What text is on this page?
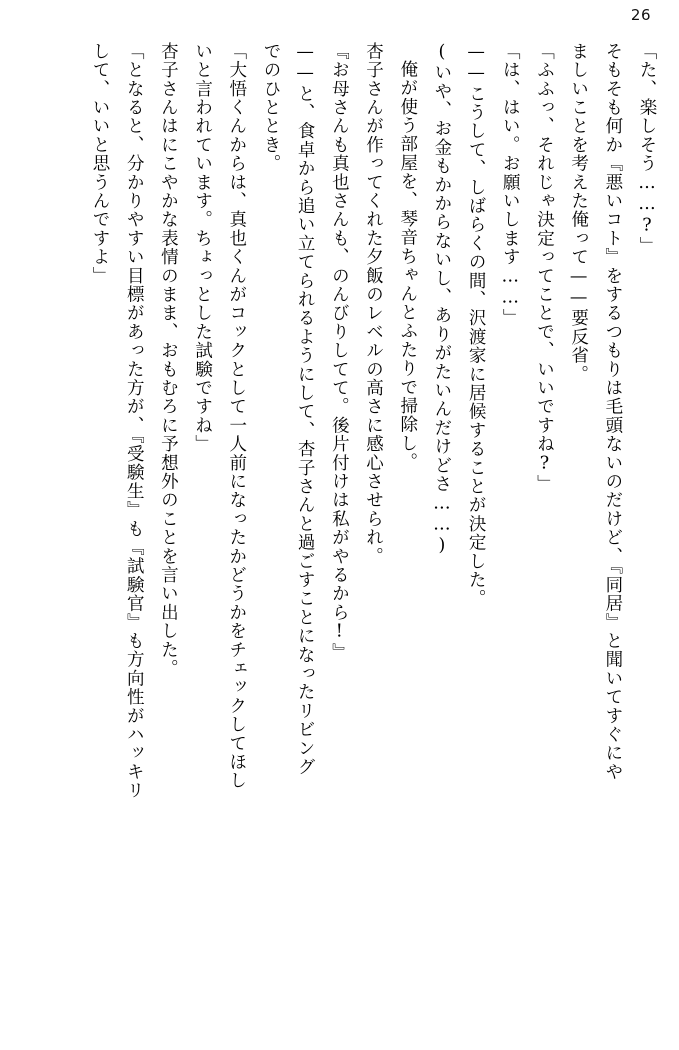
26
「た、楽しそう……?」
そもそも何か『悪いコト』をするつもりは毛頭ないのだけど、『同居』と聞いてすぐにや
ましいことを考えた俺って——要反省。
「ふふっ、それじゃ決定ってことで、いいですね?」
「は、はい。お願いします……」
——こうして、しばらくの間、沢渡家に居候することが決定した。
(いや、お金もかからないし、ありがたいんだけどさ……)
俺が使う部屋を、琴音ちゃんとふたりで掃除し。
杏子さんが作ってくれた夕飯のレベルの高さに感心させられ。
『お母さんも真也さんも、のんびりしてて。後片付けは私がやるから!』
——と、食卓から追い立てられるようにして、杏子さんと過ごすことになったリビング
でのひととき。
「大悟くんからは、真也くんがコックとして一人前になったかどうかをチェックしてほし
いと言われています。ちょっとした試験ですね」
杏子さんはにこやかな表情のまま、おもむろに予想外のことを言い出した。
「となると、分かりやすい目標があった方が、『受験生』も『試験官』も方向性がハッキリ
して、いいと思うんですよ」
